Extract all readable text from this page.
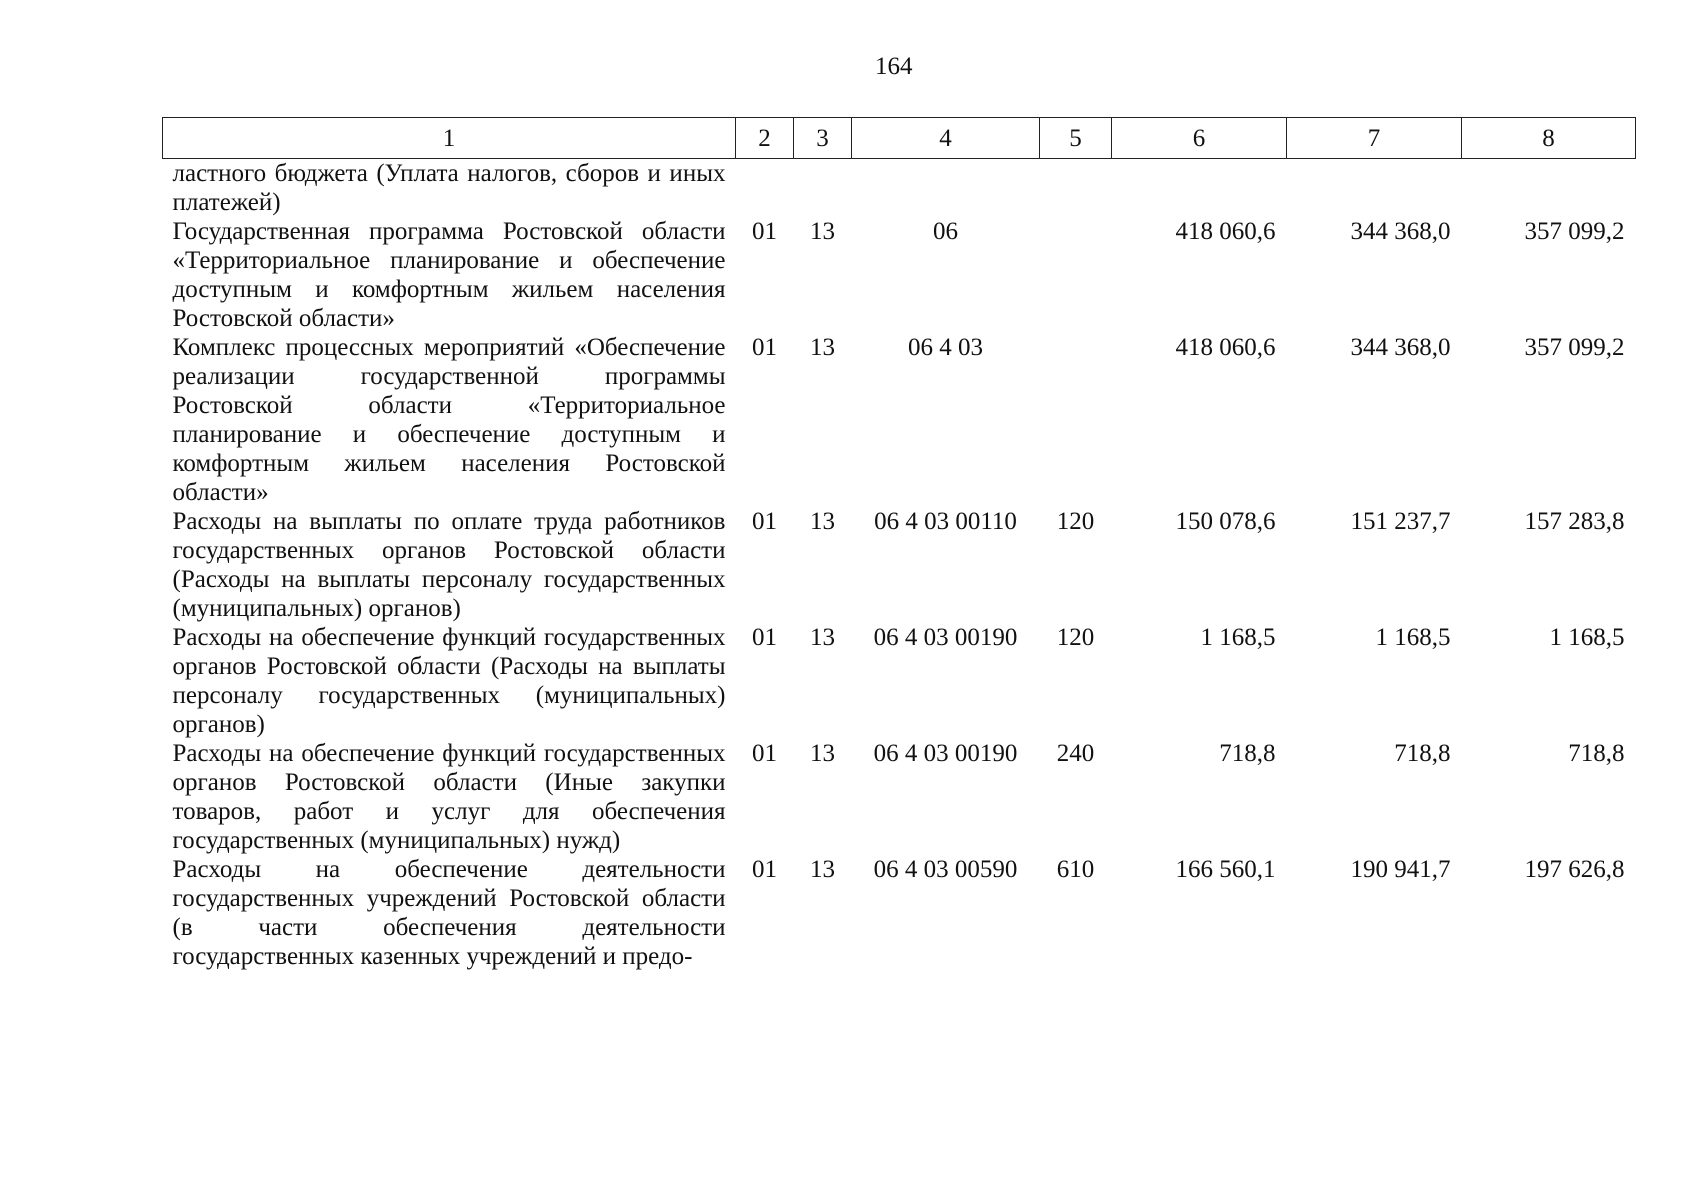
164
1	2	3	4	5	6	7	8
ластного бюджета (Уплата налогов, сборов и иных платежей)							
Государственная программа Ростовской области «Территориальное планирование и обеспечение доступным и комфортным жильем населения Ростовской области»	01	13	06		418 060,6	344 368,0	357 099,2
Комплекс процессных мероприятий «Обеспечение реализации государственной программы Ростовской области «Территориальное планирование и обеспечение доступным и комфортным жильем населения Ростовской области»	01	13	06 4 03		418 060,6	344 368,0	357 099,2
Расходы на выплаты по оплате труда работников государственных органов Ростовской области (Расходы на выплаты персоналу государственных (муниципальных) органов)	01	13	06 4 03 00110	120	150 078,6	151 237,7	157 283,8
Расходы на обеспечение функций государственных органов Ростовской области (Расходы на выплаты персоналу государственных (муниципальных) органов)	01	13	06 4 03 00190	120	1 168,5	1 168,5	1 168,5
Расходы на обеспечение функций государственных органов Ростовской области (Иные закупки товаров, работ и услуг для обеспечения государственных (муниципальных) нужд)	01	13	06 4 03 00190	240	718,8	718,8	718,8
Расходы на обеспечение деятельности государственных учреждений Ростовской области (в части обеспечения деятельности государственных казенных учреждений и предо-	01	13	06 4 03 00590	610	166 560,1	190 941,7	197 626,8
